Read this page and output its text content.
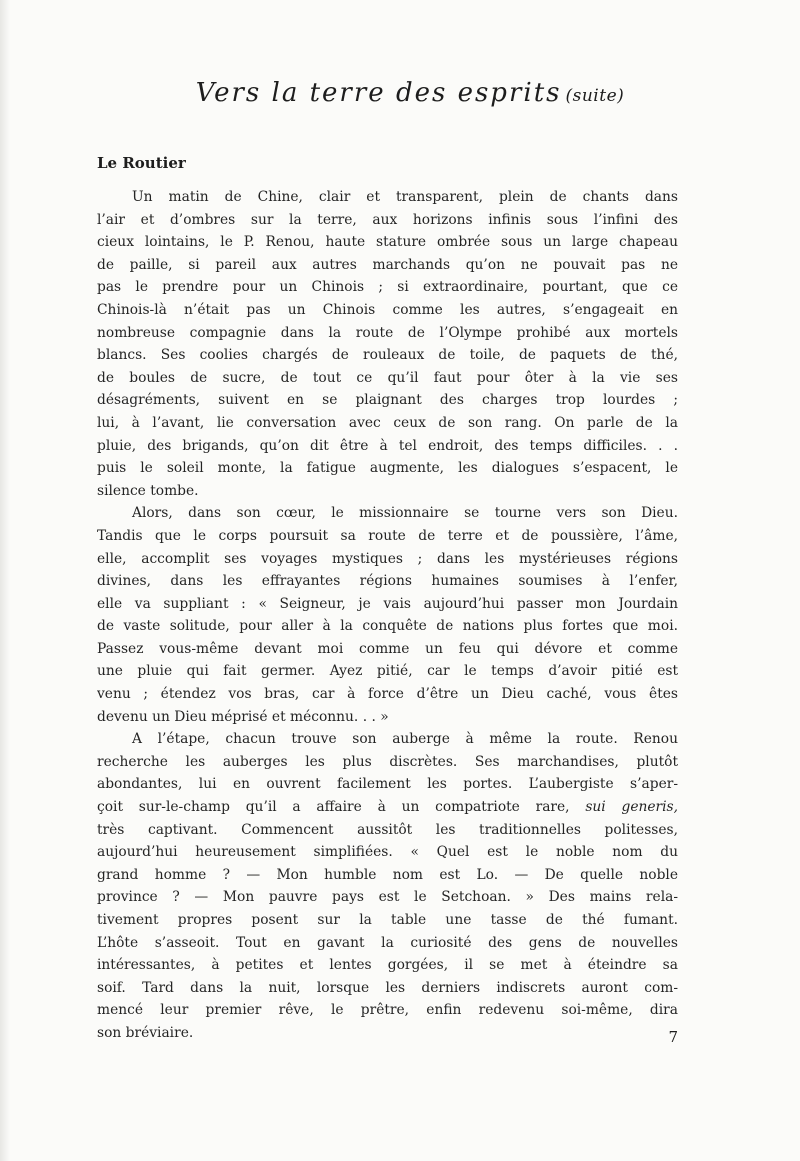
Vers la terre des esprits (suite)
Le Routier
Un matin de Chine, clair et transparent, plein de chants dans
l’air et d’ombres sur la terre, aux horizons infinis sous l’infini des
cieux lointains, le P. Renou, haute stature ombrée sous un large chapeau
de paille, si pareil aux autres marchands qu’on ne pouvait pas ne
pas le prendre pour un Chinois ; si extraordinaire, pourtant, que ce
Chinois-là n’était pas un Chinois comme les autres, s’engageait en
nombreuse compagnie dans la route de l’Olympe prohibé aux mortels
blancs. Ses coolies chargés de rouleaux de toile, de paquets de thé,
de boules de sucre, de tout ce qu’il faut pour ôter à la vie ses
désagréments, suivent en se plaignant des charges trop lourdes ;
lui, à l’avant, lie conversation avec ceux de son rang. On parle de la
pluie, des brigands, qu’on dit être à tel endroit, des temps difficiles. . .
puis le soleil monte, la fatigue augmente, les dialogues s’espacent, le
silence tombe.
Alors, dans son cœur, le missionnaire se tourne vers son Dieu.
Tandis que le corps poursuit sa route de terre et de poussière, l’âme,
elle, accomplit ses voyages mystiques ; dans les mystérieuses régions
divines, dans les effrayantes régions humaines soumises à l’enfer,
elle va suppliant : « Seigneur, je vais aujourd’hui passer mon Jourdain
de vaste solitude, pour aller à la conquête de nations plus fortes que moi.
Passez vous-même devant moi comme un feu qui dévore et comme
une pluie qui fait germer. Ayez pitié, car le temps d’avoir pitié est
venu ; étendez vos bras, car à force d’être un Dieu caché, vous êtes
devenu un Dieu méprisé et méconnu. . . »
A l’étape, chacun trouve son auberge à même la route. Renou
recherche les auberges les plus discrètes. Ses marchandises, plutôt
abondantes, lui en ouvrent facilement les portes. L’aubergiste s’aper-
çoit sur-le-champ qu’il a affaire à un compatriote rare, sui generis,
très captivant. Commencent aussitôt les traditionnelles politesses,
aujourd’hui heureusement simplifiées. « Quel est le noble nom du
grand homme ? — Mon humble nom est Lo. — De quelle noble
province ? — Mon pauvre pays est le Setchoan. » Des mains rela-
tivement propres posent sur la table une tasse de thé fumant.
L’hôte s’asseoit. Tout en gavant la curiosité des gens de nouvelles
intéressantes, à petites et lentes gorgées, il se met à éteindre sa
soif. Tard dans la nuit, lorsque les derniers indiscrets auront com-
mencé leur premier rêve, le prêtre, enfin redevenu soi-même, dira
son bréviaire.	7
